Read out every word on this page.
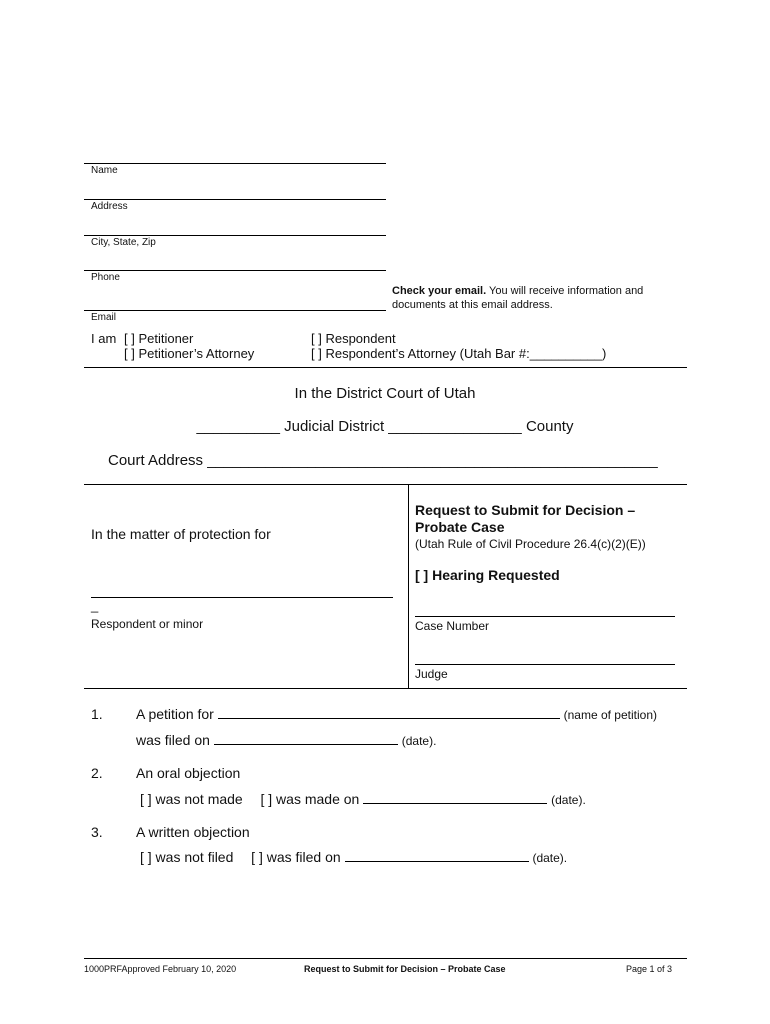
Name
Address
City, State, Zip
Phone
Email
Check your email. You will receive information and
documents at this email address.
I am [ ] Petitioner
[ ] Petitioner’s Attorney
[ ] Respondent
[ ] Respondent’s Attorney (Utah Bar #:__________)
In the District Court of Utah
__________ Judicial District ________________ County
Court Address ______________________________________________________
In the matter of protection for
_
Respondent or minor
Request to Submit for Decision –
Probate Case
(Utah Rule of Civil Procedure 26.4(c)(2)(E))
[ ] Hearing Requested
Case Number
Judge
1. A petition for	(name of petition)
was filed on	(date).
2. An oral objection
[ ] was not made [ ] was made on	(date).
3. A written objection
[ ] was not filed [ ] was filed on	(date).
1000PRFApproved February 10, 2020	Request to Submit for Decision – Probate Case	Page 1 of 3
